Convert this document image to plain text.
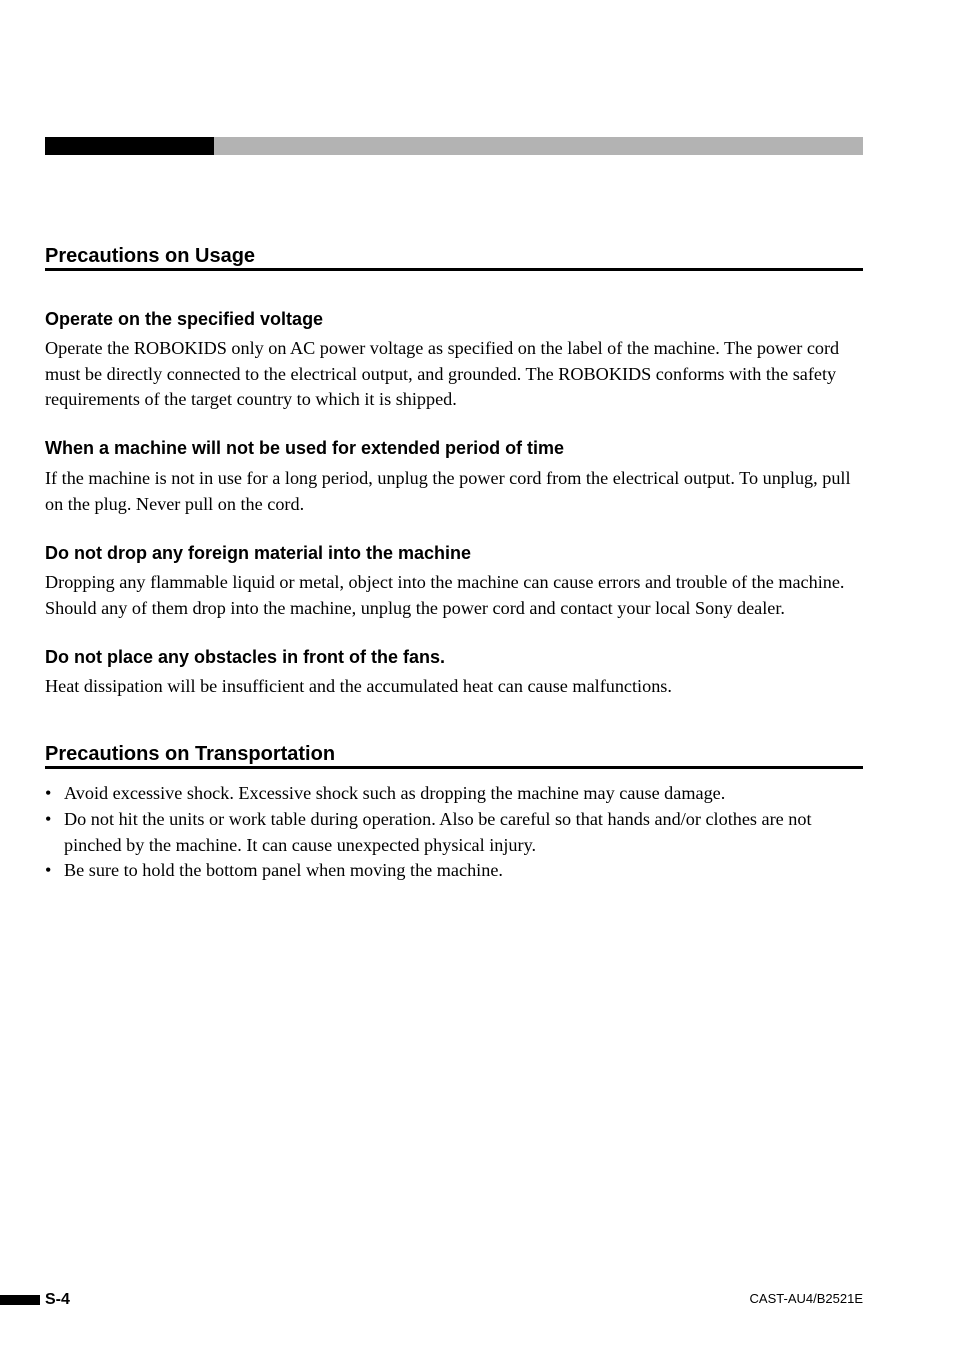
Precautions on Usage
Operate on the specified voltage
Operate the ROBOKIDS only on AC power voltage as specified on the label of the machine. The power cord must be directly connected to the electrical output, and grounded. The ROBOKIDS conforms with the safety requirements of the target country to which it is shipped.
When a machine will not be used for extended period of time
If the machine is not in use for a long period, unplug the power cord from the electrical output. To unplug, pull on the plug. Never pull on the cord.
Do not drop any foreign material into the machine
Dropping any flammable liquid or metal, object into the machine can cause errors and trouble of the machine. Should any of them drop into the machine, unplug the power cord and contact your local Sony dealer.
Do not place any obstacles in front of the fans.
Heat dissipation will be insufficient and the accumulated heat can cause malfunctions.
Precautions on Transportation
• Avoid excessive shock. Excessive shock such as dropping the machine may cause damage.
• Do not hit the units or work table during operation. Also be careful so that hands and/or clothes are not pinched by the machine. It can cause unexpected physical injury.
• Be sure to hold the bottom panel when moving the machine.
S-4	CAST-AU4/B2521E
